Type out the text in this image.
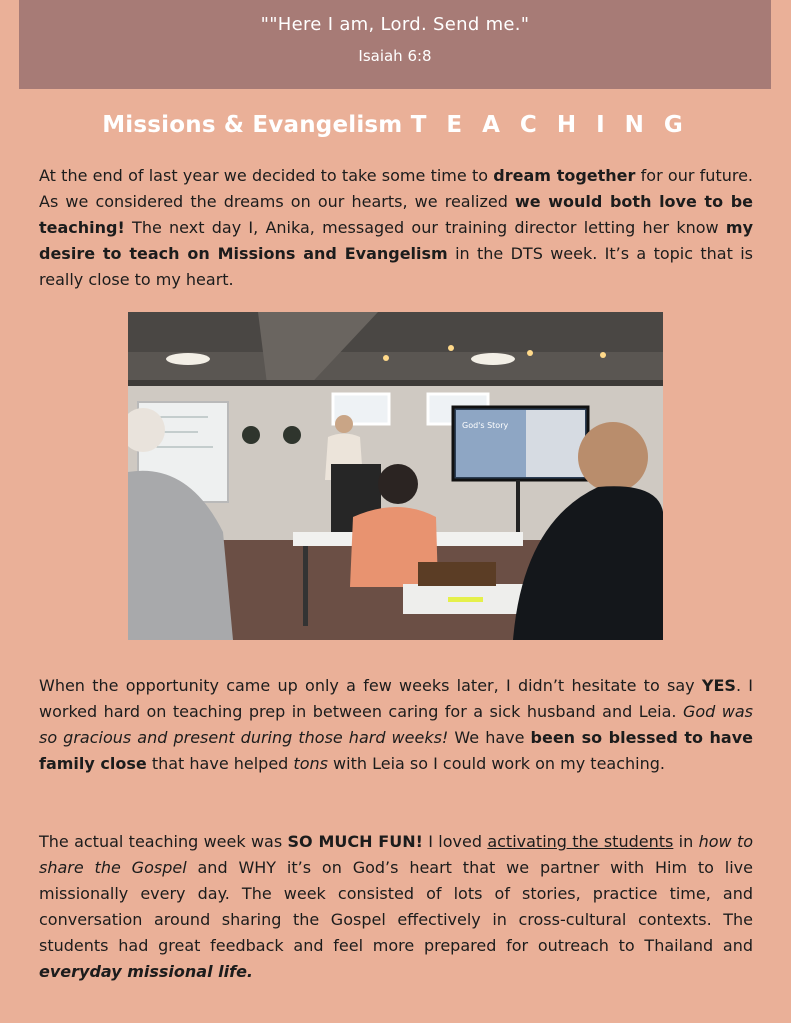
""Here I am, Lord. Send me."
Isaiah 6:8
Missions & Evangelism T E A C H I N G

At the end of last year we decided to take some time to dream together for our future. As we considered the dreams on our hearts, we realized we would both love to be teaching! The next day I, Anika, messaged our training director letting her know my desire to teach on Missions and Evangelism in the DTS week. It’s a topic that is really close to my heart.

God's Story

When the opportunity came up only a few weeks later, I didn’t hesitate to say YES. I worked hard on teaching prep in between caring for a sick husband and Leia. God was so gracious and present during those hard weeks! We have been so blessed to have family close that have helped tons with Leia so I could work on my teaching.

The actual teaching week was SO MUCH FUN! I loved activating the students in how to share the Gospel and WHY it’s on God’s heart that we partner with Him to live missionally every day. The week consisted of lots of stories, practice time, and conversation around sharing the Gospel effectively in cross-cultural contexts. The students had great feedback and feel more prepared for outreach to Thailand and everyday missional life.
